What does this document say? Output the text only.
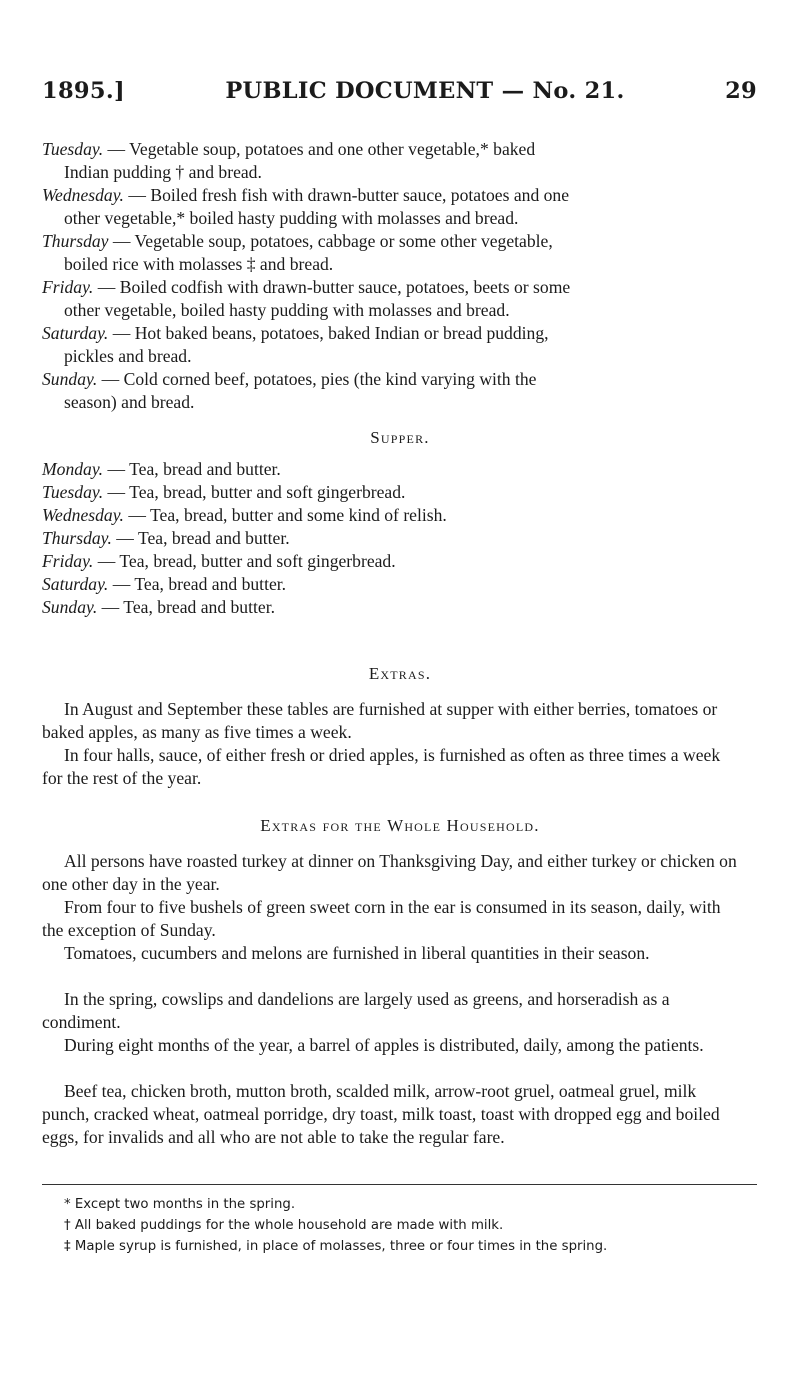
1895.]	PUBLIC DOCUMENT — No. 21.	29

Tuesday. — Vegetable soup, potatoes and one other vegetable,* baked
Indian pudding † and bread.

Wednesday. — Boiled fresh fish with drawn-butter sauce, potatoes and one
other vegetable,* boiled hasty pudding with molasses and bread.

Thursday — Vegetable soup, potatoes, cabbage or some other vegetable,
boiled rice with molasses ‡ and bread.

Friday. — Boiled codfish with drawn-butter sauce, potatoes, beets or some
other vegetable, boiled hasty pudding with molasses and bread.

Saturday. — Hot baked beans, potatoes, baked Indian or bread pudding,
pickles and bread.

Sunday. — Cold corned beef, potatoes, pies (the kind varying with the
season) and bread.

Supper.

Monday. — Tea, bread and butter.

Tuesday. — Tea, bread, butter and soft gingerbread.

Wednesday. — Tea, bread, butter and some kind of relish.

Thursday. — Tea, bread and butter.

Friday. — Tea, bread, butter and soft gingerbread.

Saturday. — Tea, bread and butter.

Sunday. — Tea, bread and butter.

Extras.

In August and September these tables are furnished at supper with either berries, tomatoes or baked apples, as many as five times a week.

In four halls, sauce, of either fresh or dried apples, is furnished as often as three times a week for the rest of the year.

Extras for the Whole Household.

All persons have roasted turkey at dinner on Thanksgiving Day, and either turkey or chicken on one other day in the year.

From four to five bushels of green sweet corn in the ear is consumed in its season, daily, with the exception of Sunday.

Tomatoes, cucumbers and melons are furnished in liberal quantities in their season.

In the spring, cowslips and dandelions are largely used as greens, and horseradish as a condiment.

During eight months of the year, a barrel of apples is distributed, daily, among the patients.

Beef tea, chicken broth, mutton broth, scalded milk, arrow-root gruel, oatmeal gruel, milk punch, cracked wheat, oatmeal porridge, dry toast, milk toast, toast with dropped egg and boiled eggs, for invalids and all who are not able to take the regular fare.

* Except two months in the spring.
† All baked puddings for the whole household are made with milk.
‡ Maple syrup is furnished, in place of molasses, three or four times in the spring.
